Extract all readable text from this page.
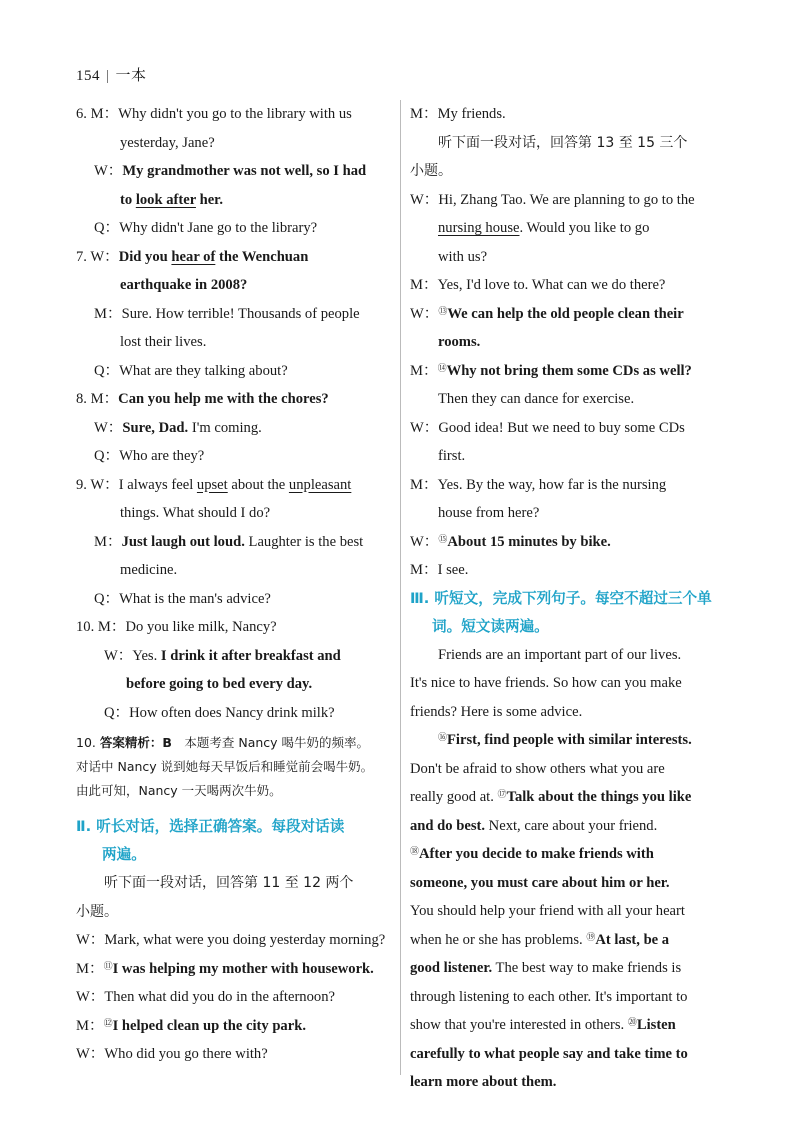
154 | 一本
6. M：Why didn't you go to the library with us
yesterday, Jane?
W：My grandmother was not well, so I had
to look after her.
Q：Why didn't Jane go to the library?
7. W：Did you hear of the Wenchuan
earthquake in 2008?
M：Sure. How terrible! Thousands of people
lost their lives.
Q：What are they talking about?
8. M：Can you help me with the chores?
W：Sure, Dad. I'm coming.
Q：Who are they?
9. W：I always feel upset about the unpleasant
things. What should I do?
M：Just laugh out loud. Laughter is the best
medicine.
Q：What is the man's advice?
10. M：Do you like milk, Nancy?
W：Yes. I drink it after breakfast and
before going to bed every day.
Q：How often does Nancy drink milk?
10. 答案精析：B　本题考查 Nancy 喝牛奶的频率。
对话中 Nancy 说到她每天早饭后和睡觉前会喝牛奶。
由此可知，Nancy 一天喝两次牛奶。
Ⅱ. 听长对话，选择正确答案。每段对话读
两遍。
听下面一段对话，回答第 11 至 12 两个
小题。
W：Mark, what were you doing yesterday morning?
M：⑪I was helping my mother with housework.
W：Then what did you do in the afternoon?
M：⑫I helped clean up the city park.
W：Who did you go there with?
M：My friends.
听下面一段对话，回答第 13 至 15 三个
小题。
W：Hi, Zhang Tao. We are planning to go to the
nursing house. Would you like to go
with us?
M：Yes, I'd love to. What can we do there?
W：⑬We can help the old people clean their
rooms.
M：⑭Why not bring them some CDs as well?
Then they can dance for exercise.
W：Good idea! But we need to buy some CDs
first.
M：Yes. By the way, how far is the nursing
house from here?
W：⑮About 15 minutes by bike.
M：I see.
Ⅲ. 听短文，完成下列句子。每空不超过三个单
词。短文读两遍。
Friends are an important part of our lives.
It's nice to have friends. So how can you make
friends? Here is some advice.
⑯First, find people with similar interests.
Don't be afraid to show others what you are
really good at. ⑰Talk about the things you like
and do best. Next, care about your friend.
⑱After you decide to make friends with
someone, you must care about him or her.
You should help your friend with all your heart
when he or she has problems. ⑲At last, be a
good listener. The best way to make friends is
through listening to each other. It's important to
show that you're interested in others. ⑳Listen
carefully to what people say and take time to
learn more about them.
